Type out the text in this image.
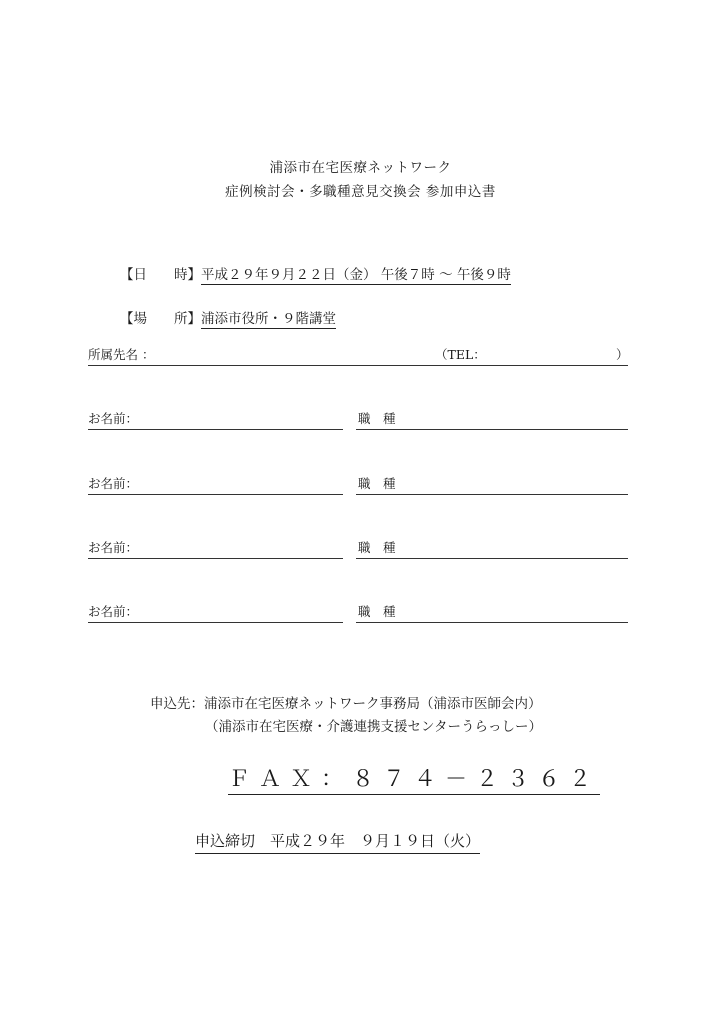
浦添市在宅医療ネットワーク
症例検討会・多職種意見交換会 参加申込書
【日　　時】平成２９年９月２２日（金） 午後７時 ～ 午後９時
【場　　所】浦添市役所・９階講堂
所属先名 ：	（TEL：	）
お名前：	職　種
お名前：	職　種
お名前：	職　種
お名前：	職　種
申込先：浦添市在宅医療ネットワーク事務局（浦添市医師会内）
（浦添市在宅医療・介護連携支援センターうらっしー）
ＦＡＸ：８７４－２３６２
申込締切　平成２９年　９月１９日（火）
